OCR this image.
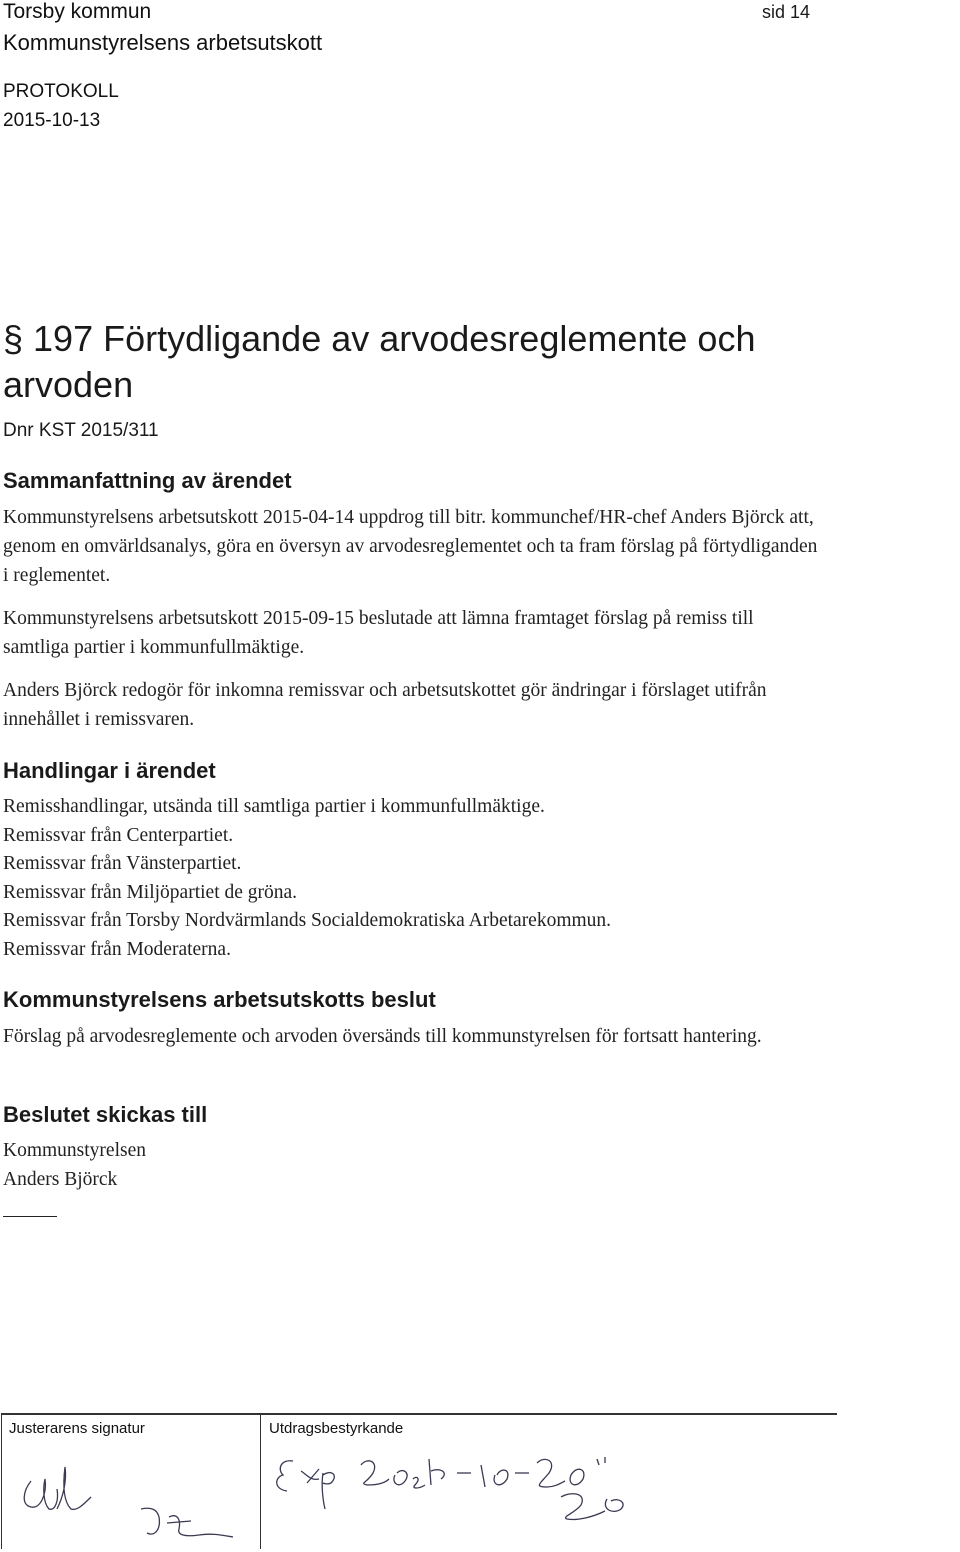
Torsby kommun	sid 14
Kommunstyrelsens arbetsutskott
PROTOKOLL
2015-10-13
§ 197 Förtydligande av arvodesreglemente och arvoden
Dnr KST 2015/311
Sammanfattning av ärendet

Kommunstyrelsens arbetsutskott 2015-04-14 uppdrog till bitr. kommunchef/HR-chef Anders Björck att, genom en omvärldsanalys, göra en översyn av arvodesreglementet och ta fram förslag på förtydliganden i reglementet.

Kommunstyrelsens arbetsutskott 2015-09-15 beslutade att lämna framtaget förslag på remiss till samtliga partier i kommunfullmäktige.

Anders Björck redogör för inkomna remissvar och arbetsutskottet gör ändringar i förslaget utifrån innehållet i remissvaren.

Handlingar i ärendet
Remisshandlingar, utsända till samtliga partier i kommunfullmäktige.
Remissvar från Centerpartiet.
Remissvar från Vänsterpartiet.
Remissvar från Miljöpartiet de gröna.
Remissvar från Torsby Nordvärmlands Socialdemokratiska Arbetarekommun.
Remissvar från Moderaterna.
Kommunstyrelsens arbetsutskotts beslut

Förslag på arvodesreglemente och arvoden översänds till kommunstyrelsen för fortsatt hantering.

Beslutet skickas till
Kommunstyrelsen
Anders Björck
Justerarens signatur	Utdragsbestyrkande
